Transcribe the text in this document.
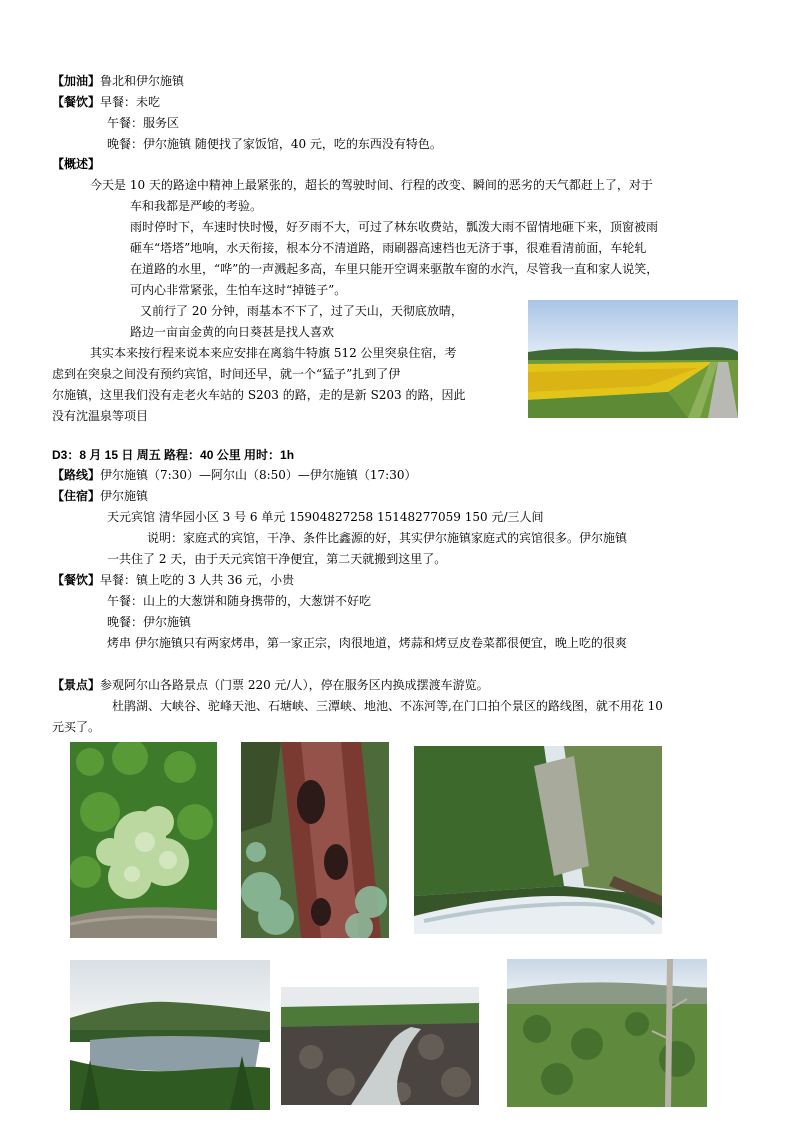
【加油】鲁北和伊尔施镇
【餐饮】早餐：未吃
午餐：服务区
晚餐：伊尔施镇 随便找了家饭馆，40 元，吃的东西没有特色。
【概述】
今天是 10 天的路途中精神上最紧张的，超长的驾驶时间、行程的改变、瞬间的恶劣的天气都赶上了，对于
车和我都是严峻的考验。
雨时停时下，车速时快时慢，好歹雨不大，可过了林东收费站，瓢泼大雨不留情地砸下来，顶窗被雨
砸车“塔塔”地响，水天衔接，根本分不清道路，雨刷器高速档也无济于事，很难看清前面，车轮轧
在道路的水里，“哗”的一声溅起多高，车里只能开空调来驱散车窗的水汽，尽管我一直和家人说笑，
可内心非常紧张，生怕车这时“掉链子”。
又前行了 20 分钟，雨基本不下了，过了天山，天彻底放晴，
路边一亩亩金黄的向日葵甚是找人喜欢
其实本来按行程来说本来应安排在离翁牛特旗 512 公里突泉住宿，考
虑到在突泉之间没有预约宾馆，时间还早，就一个“猛子”扎到了伊
尔施镇，这里我们没有走老火车站的 S203 的路，走的是新 S203 的路，因此
没有沈温泉等项目
D3：8 月 15 日 周五 路程：40 公里 用时：1h
【路线】伊尔施镇（7:30）—阿尔山（8:50）—伊尔施镇（17:30）
【住宿】伊尔施镇
天元宾馆 清华园小区 3 号 6 单元 15904827258 15148277059 150 元/三人间
说明：家庭式的宾馆，干净、条件比鑫源的好，其实伊尔施镇家庭式的宾馆很多。伊尔施镇
一共住了 2 天，由于天元宾馆干净便宜，第二天就搬到这里了。
【餐饮】早餐：镇上吃的 3 人共 36 元，小贵
午餐：山上的大葱饼和随身携带的，大葱饼不好吃
晚餐：伊尔施镇
烤串 伊尔施镇只有两家烤串，第一家正宗，肉很地道，烤蒜和烤豆皮卷菜都很便宜，晚上吃的很爽
【景点】参观阿尔山各路景点（门票 220 元/人），停在服务区内换成摆渡车游览。
杜鹃湖、大峡谷、驼峰天池、石塘峡、三潭峡、地池、不冻河等,在门口拍个景区的路线图，就不用花 10
元买了。
